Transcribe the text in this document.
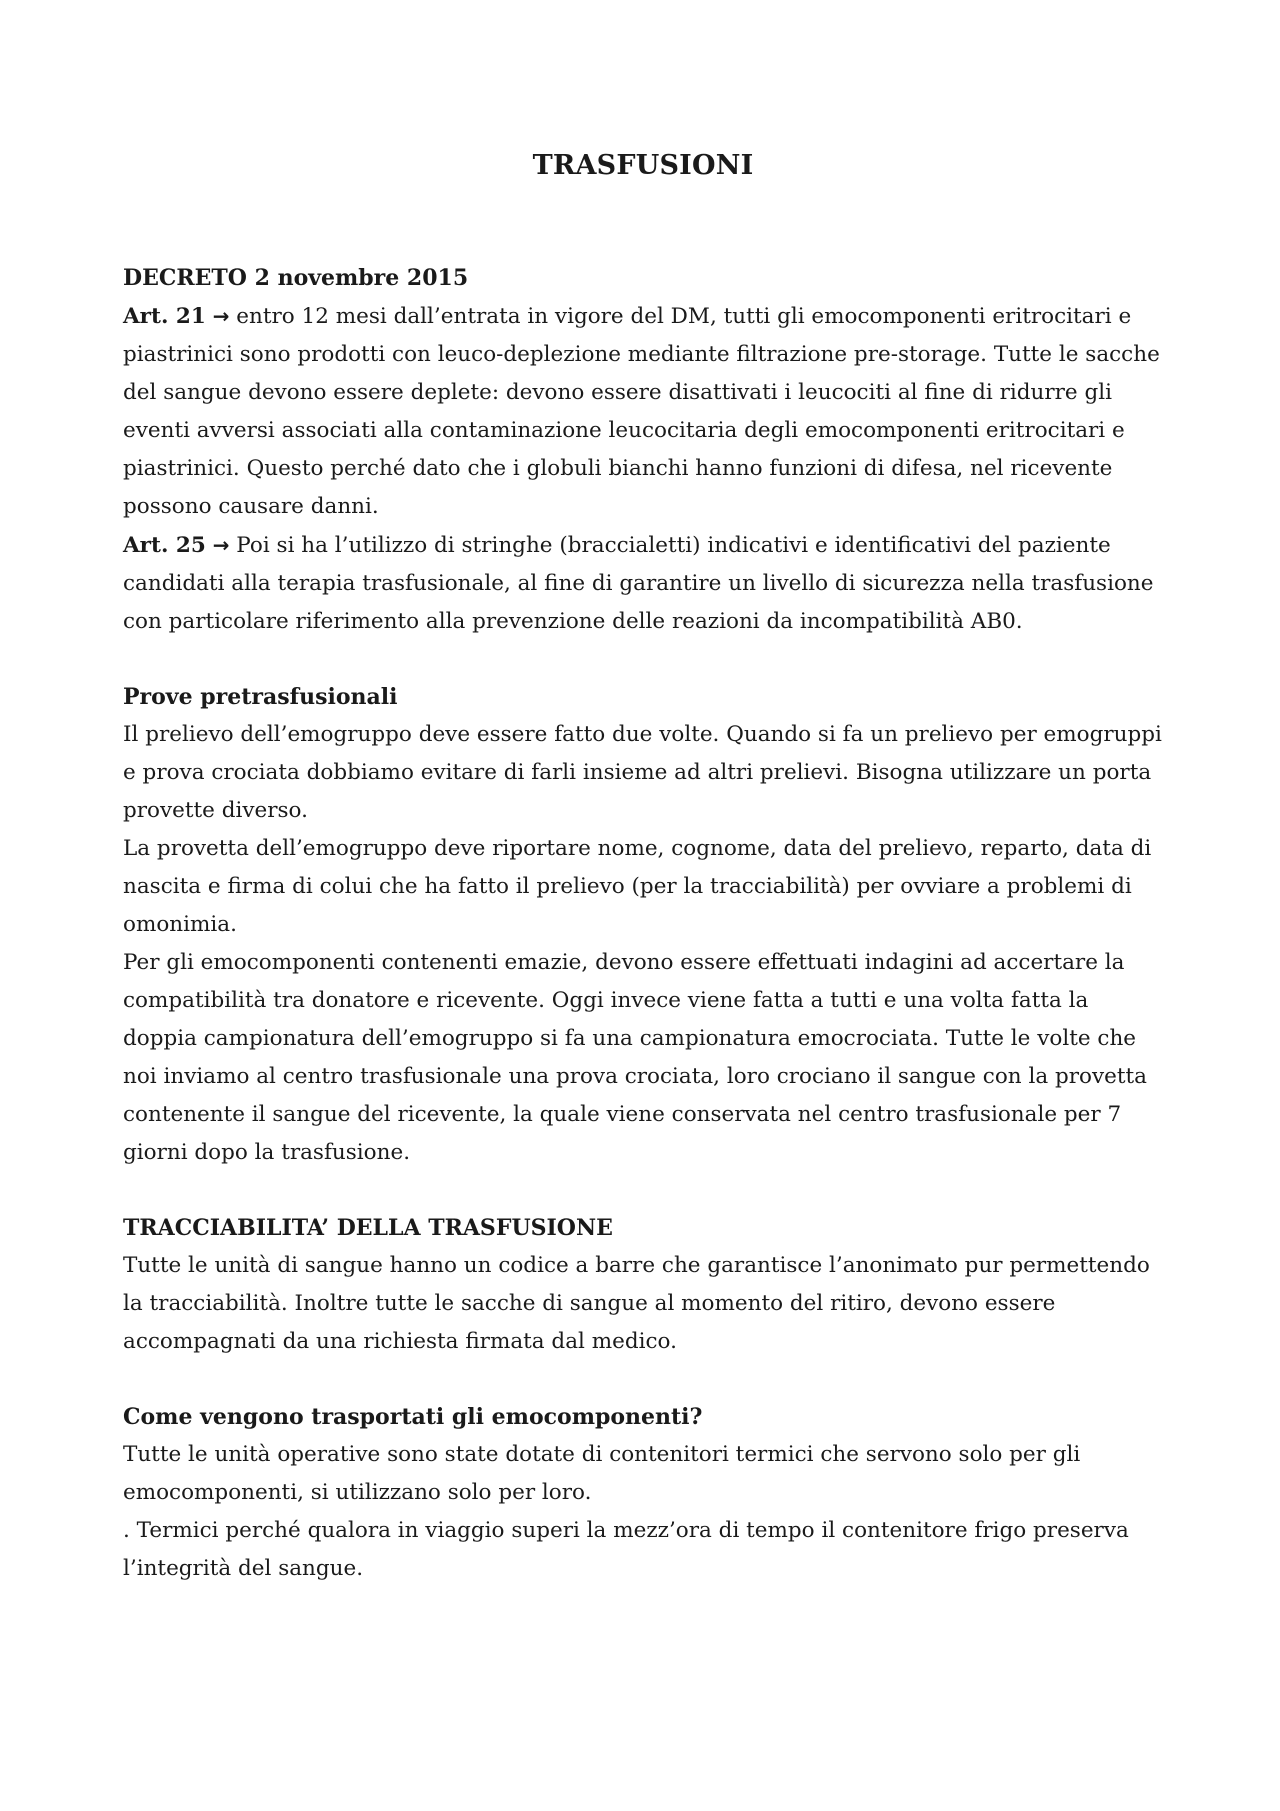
TRASFUSIONI

DECRETO 2 novembre 2015

Art. 21 → entro 12 mesi dall’entrata in vigore del DM, tutti gli emocomponenti eritrocitari e piastrinici sono prodotti con leuco-deplezione mediante filtrazione pre-storage. Tutte le sacche del sangue devono essere deplete: devono essere disattivati i leucociti al fine di ridurre gli eventi avversi associati alla contaminazione leucocitaria degli emocomponenti eritrocitari e piastrinici. Questo perché dato che i globuli bianchi hanno funzioni di difesa, nel ricevente possono causare danni.

Art. 25 → Poi si ha l’utilizzo di stringhe (braccialetti) indicativi e identificativi del paziente candidati alla terapia trasfusionale, al fine di garantire un livello di sicurezza nella trasfusione con particolare riferimento alla prevenzione delle reazioni da incompatibilità AB0.

Prove pretrasfusionali

Il prelievo dell’emogruppo deve essere fatto due volte. Quando si fa un prelievo per emogruppi e prova crociata dobbiamo evitare di farli insieme ad altri prelievi. Bisogna utilizzare un porta provette diverso.

La provetta dell’emogruppo deve riportare nome, cognome, data del prelievo, reparto, data di nascita e firma di colui che ha fatto il prelievo (per la tracciabilità) per ovviare a problemi di omonimia.

Per gli emocomponenti contenenti emazie, devono essere effettuati indagini ad accertare la compatibilità tra donatore e ricevente. Oggi invece viene fatta a tutti e una volta fatta la doppia campionatura dell’emogruppo si fa una campionatura emocrociata. Tutte le volte che noi inviamo al centro trasfusionale una prova crociata, loro crociano il sangue con la provetta contenente il sangue del ricevente, la quale viene conservata nel centro trasfusionale per 7 giorni dopo la trasfusione.

TRACCIABILITA’ DELLA TRASFUSIONE

Tutte le unità di sangue hanno un codice a barre che garantisce l’anonimato pur permettendo la tracciabilità. Inoltre tutte le sacche di sangue al momento del ritiro, devono essere accompagnati da una richiesta firmata dal medico.

Come vengono trasportati gli emocomponenti?

Tutte le unità operative sono state dotate di contenitori termici che servono solo per gli emocomponenti, si utilizzano solo per loro.

. Termici perché qualora in viaggio superi la mezz’ora di tempo il contenitore frigo preserva l’integrità del sangue.
